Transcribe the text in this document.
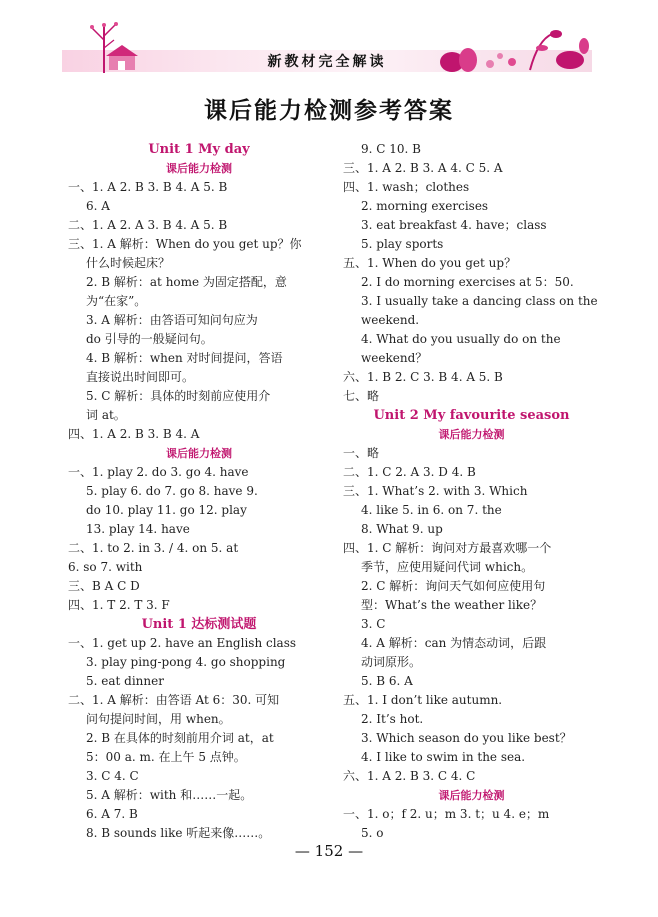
新教材完全解读
课后能力检测参考答案
Unit 1 My day
课后能力检测
一、1. A 2. B 3. B 4. A 5. B
6. A
二、1. A 2. A 3. B 4. A 5. B
三、1. A 解析：When do you get up？你
什么时候起床？
2. B 解析：at home 为固定搭配，意
为“在家”。
3. A 解析：由答语可知问句应为
do 引导的一般疑问句。
4. B 解析：when 对时间提问，答语
直接说出时间即可。
5. C 解析：具体的时刻前应使用介
词 at。
四、1. A 2. B 3. B 4. A
课后能力检测
一、1. play 2. do 3. go 4. have
5. play 6. do 7. go 8. have 9.
do 10. play 11. go 12. play
13. play 14. have
二、1. to 2. in 3. / 4. on 5. at
6. so 7. with
三、B A C D
四、1. T 2. T 3. F
Unit 1 达标测试题
一、1. get up 2. have an English class
3. play ping-pong 4. go shopping
5. eat dinner
二、1. A 解析：由答语 At 6：30. 可知
问句提问时间，用 when。
2. B 在具体的时刻前用介词 at，at
5：00 a. m. 在上午 5 点钟。
3. C 4. C
5. A 解析：with 和……一起。
6. A 7. B
8. B sounds like 听起来像……。
9. C 10. B
三、1. A 2. B 3. A 4. C 5. A
四、1. wash；clothes
2. morning exercises
3. eat breakfast 4. have；class
5. play sports
五、1. When do you get up？
2. I do morning exercises at 5：50.
3. I usually take a dancing class on the
weekend.
4. What do you usually do on the
weekend？
六、1. B 2. C 3. B 4. A 5. B
七、略
Unit 2 My favourite season
课后能力检测
一、略
二、1. C 2. A 3. D 4. B
三、1. What’s 2. with 3. Which
4. like 5. in 6. on 7. the
8. What 9. up
四、1. C 解析：询问对方最喜欢哪一个
季节，应使用疑问代词 which。
2. C 解析：询问天气如何应使用句
型：What’s the weather like？
3. C
4. A 解析：can 为情态动词，后跟
动词原形。
5. B 6. A
五、1. I don’t like autumn.
2. It’s hot.
3. Which season do you like best？
4. I like to swim in the sea.
六、1. A 2. B 3. C 4. C
课后能力检测
一、1. o；f 2. u；m 3. t；u 4. e；m
5. o
— 152 —
